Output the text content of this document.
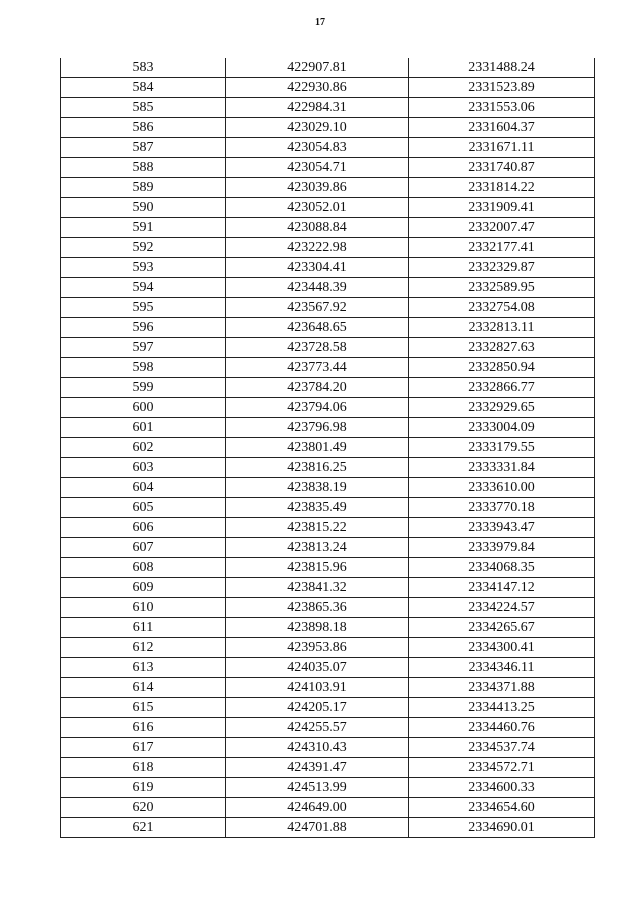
17
583	422907.81	2331488.24
584	422930.86	2331523.89
585	422984.31	2331553.06
586	423029.10	2331604.37
587	423054.83	2331671.11
588	423054.71	2331740.87
589	423039.86	2331814.22
590	423052.01	2331909.41
591	423088.84	2332007.47
592	423222.98	2332177.41
593	423304.41	2332329.87
594	423448.39	2332589.95
595	423567.92	2332754.08
596	423648.65	2332813.11
597	423728.58	2332827.63
598	423773.44	2332850.94
599	423784.20	2332866.77
600	423794.06	2332929.65
601	423796.98	2333004.09
602	423801.49	2333179.55
603	423816.25	2333331.84
604	423838.19	2333610.00
605	423835.49	2333770.18
606	423815.22	2333943.47
607	423813.24	2333979.84
608	423815.96	2334068.35
609	423841.32	2334147.12
610	423865.36	2334224.57
611	423898.18	2334265.67
612	423953.86	2334300.41
613	424035.07	2334346.11
614	424103.91	2334371.88
615	424205.17	2334413.25
616	424255.57	2334460.76
617	424310.43	2334537.74
618	424391.47	2334572.71
619	424513.99	2334600.33
620	424649.00	2334654.60
621	424701.88	2334690.01
